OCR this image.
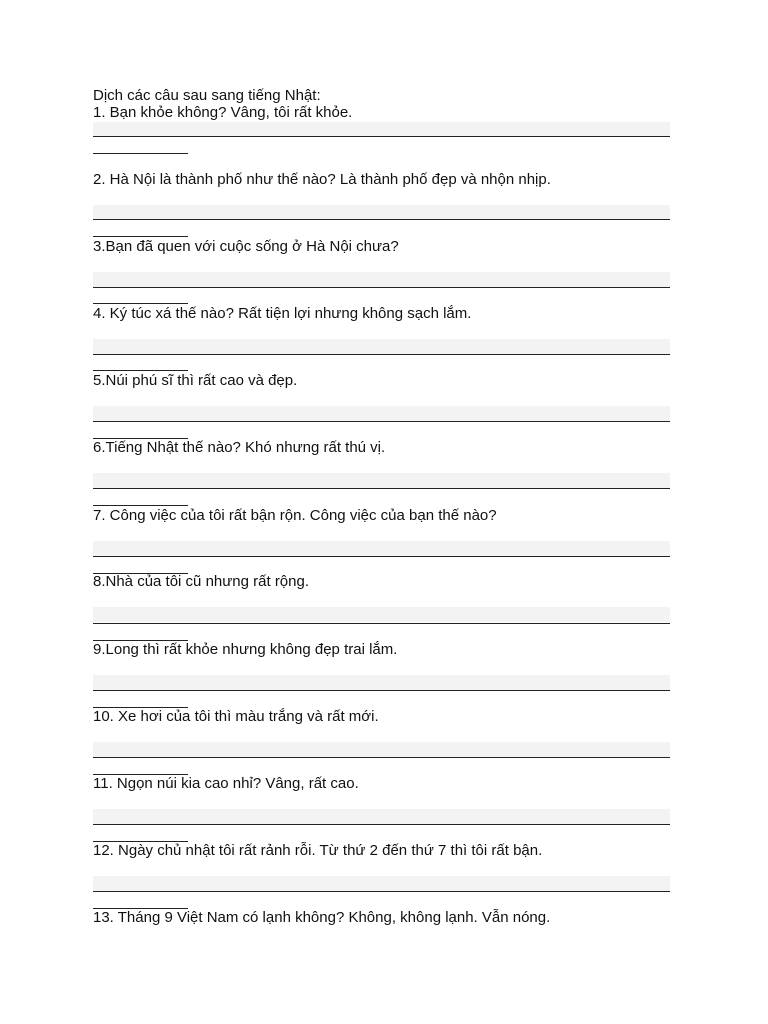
Dịch các câu sau sang tiếng Nhật:
1. Bạn khỏe không? Vâng, tôi rất khỏe.
2. Hà Nội là thành phố như thế nào? Là thành phố đẹp và nhộn nhịp.
3.Bạn đã quen với cuộc sống ở Hà Nội chưa?
4. Ký túc xá thế nào? Rất tiện lợi nhưng không sạch lắm.
5.Núi phú sĩ thì rất cao và đẹp.
6.Tiếng Nhật thế nào? Khó nhưng rất thú vị.
7. Công việc của tôi rất bận rộn. Công việc của bạn thế nào?
8.Nhà của tôi cũ nhưng rất rộng.
9.Long thì rất khỏe nhưng không đẹp trai lắm.
10. Xe hơi của tôi thì màu trắng và rất mới.
11. Ngọn núi kia cao nhỉ? Vâng, rất cao.
12. Ngày chủ nhật tôi rất rảnh rỗi. Từ thứ 2 đến thứ 7 thì tôi rất bận.
13. Tháng 9 Việt Nam có lạnh không? Không, không lạnh. Vẫn nóng.
